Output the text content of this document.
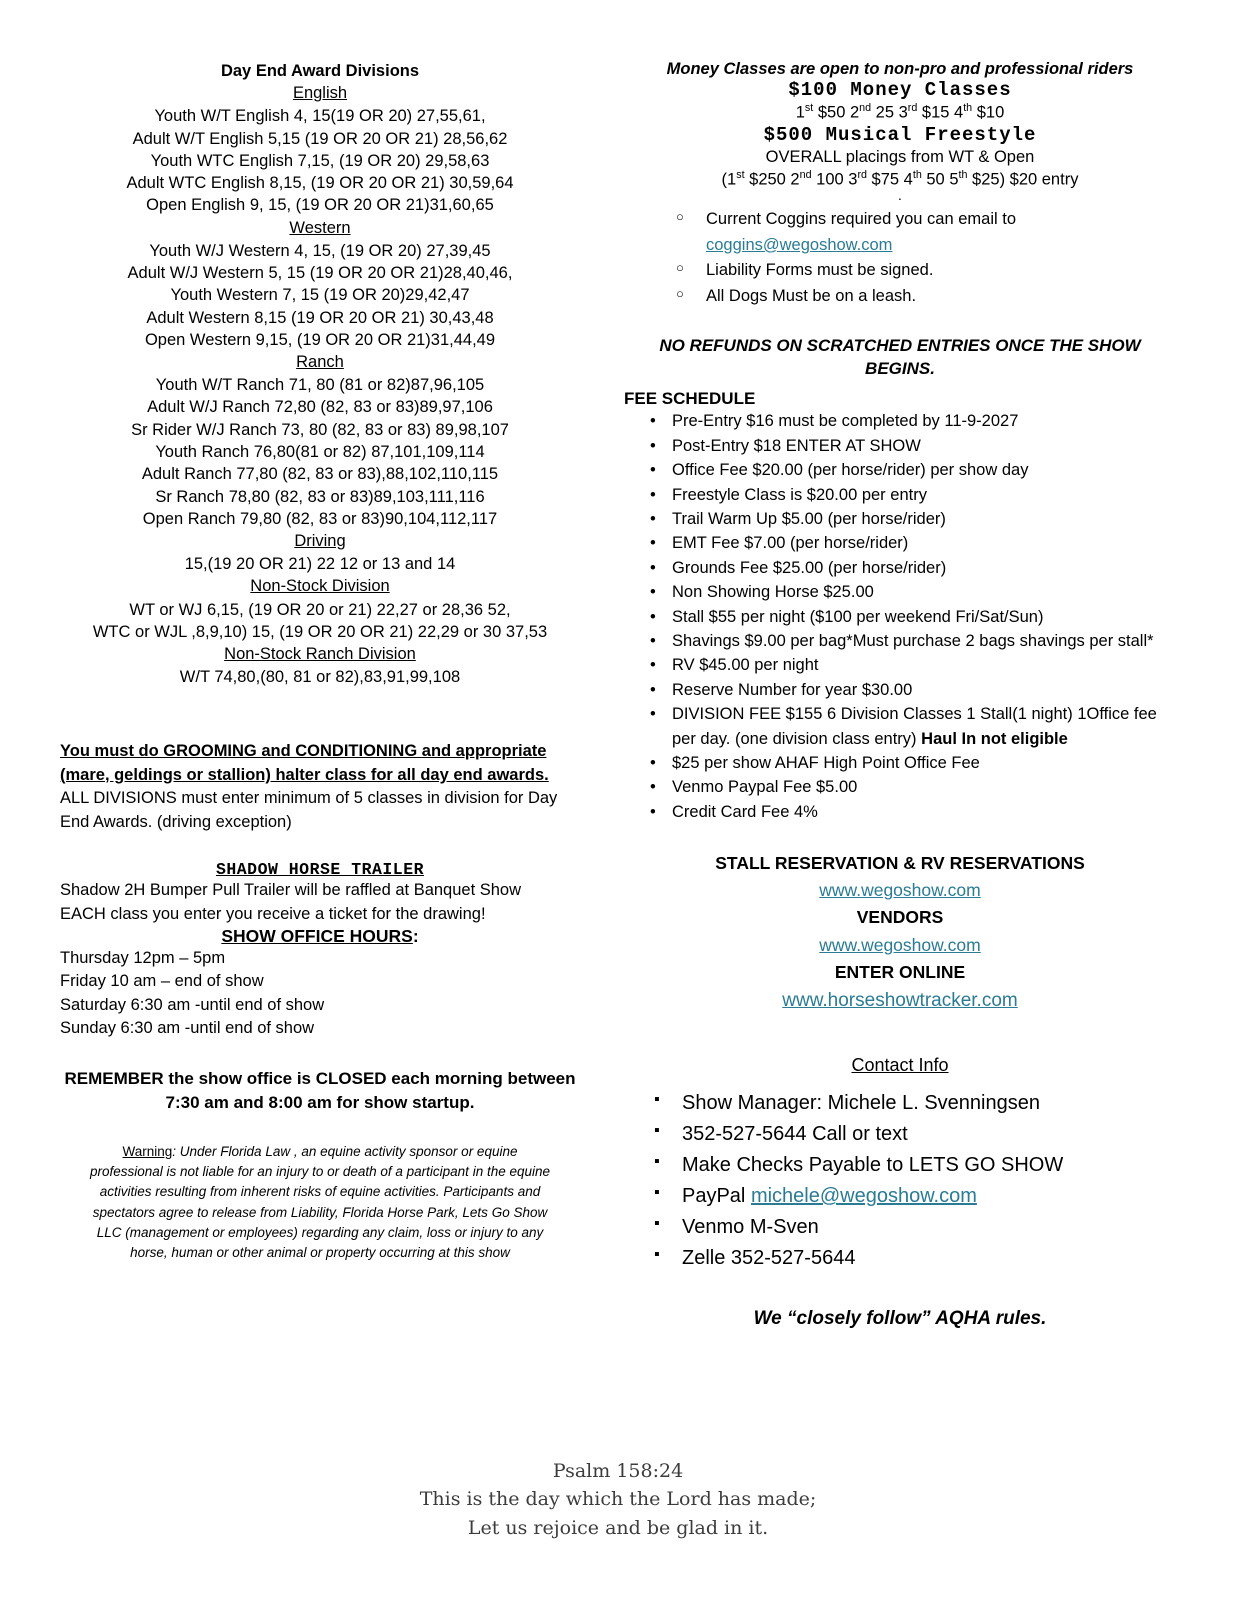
Day End Award Divisions
English
Youth W/T English 4, 15(19 OR 20) 27,55,61,
Adult W/T English 5,15 (19 OR 20 OR 21) 28,56,62
Youth WTC English 7,15, (19 OR 20) 29,58,63
Adult WTC English 8,15, (19 OR 20 OR 21) 30,59,64
Open English 9, 15, (19 OR 20 OR 21)31,60,65
Western
Youth W/J Western 4, 15, (19 OR 20) 27,39,45
Adult W/J Western 5, 15 (19 OR 20 OR 21)28,40,46,
Youth Western 7, 15 (19 OR 20)29,42,47
Adult Western 8,15 (19 OR 20 OR 21) 30,43,48
Open Western 9,15, (19 OR 20 OR 21)31,44,49
Ranch
Youth W/T Ranch 71, 80 (81 or 82)87,96,105
Adult W/J Ranch 72,80 (82, 83 or 83)89,97,106
Sr Rider W/J Ranch 73, 80 (82, 83 or 83) 89,98,107
Youth Ranch 76,80(81 or 82) 87,101,109,114
Adult Ranch 77,80 (82, 83 or 83),88,102,110,115
Sr Ranch 78,80 (82, 83 or 83)89,103,111,116
Open Ranch 79,80 (82, 83 or 83)90,104,112,117
Driving
15,(19 20 OR 21) 22 12 or 13 and 14
Non-Stock Division
WT or WJ 6,15, (19 OR 20 or 21) 22,27 or 28,36 52,
WTC or WJL ,8,9,10) 15, (19 OR 20 OR 21) 22,29 or 30 37,53
Non-Stock Ranch Division
W/T 74,80,(80, 81 or 82),83,91,99,108
You must do GROOMING and CONDITIONING and appropriate
(mare, geldings or stallion) halter class for all day end awards.
ALL DIVISIONS must enter minimum of 5 classes in division for Day End Awards. (driving exception)
SHADOW HORSE TRAILER
Shadow 2H Bumper Pull Trailer will be raffled at Banquet Show
EACH class you enter you receive a ticket for the drawing!
SHOW OFFICE HOURS:
Thursday 12pm – 5pm
Friday 10 am – end of show
Saturday 6:30 am -until end of show
Sunday 6:30 am -until end of show
REMEMBER the show office is CLOSED each morning between
7:30 am and 8:00 am for show startup.
Warning: Under Florida Law , an equine activity sponsor or equine professional is not liable for an injury to or death of a participant in the equine activities resulting from inherent risks of equine activities. Participants and spectators agree to release from Liability, Florida Horse Park, Lets Go Show LLC (management or employees) regarding any claim, loss or injury to any horse, human or other animal or property occurring at this show
Money Classes are open to non-pro and professional riders
$100 Money Classes
1st $50 2nd 25 3rd $15 4th $10
$500 Musical Freestyle
OVERALL placings from WT & Open
(1st $250 2nd 100 3rd $75 4th 50 5th $25) $20 entry
.
○ Current Coggins required you can email to
coggins@wegoshow.com
○ Liability Forms must be signed.
○ All Dogs Must be on a leash.
NO REFUNDS ON SCRATCHED ENTRIES ONCE THE SHOW
BEGINS.
FEE SCHEDULE
• Pre-Entry $16 must be completed by 11-9-2027
• Post-Entry $18 ENTER AT SHOW
• Office Fee $20.00 (per horse/rider) per show day
• Freestyle Class is $20.00 per entry
• Trail Warm Up $5.00 (per horse/rider)
• EMT Fee $7.00 (per horse/rider)
• Grounds Fee $25.00 (per horse/rider)
• Non Showing Horse $25.00
• Stall $55 per night ($100 per weekend Fri/Sat/Sun)
• Shavings $9.00 per bag*Must purchase 2 bags shavings per stall*
• RV $45.00 per night
• Reserve Number for year $30.00
• DIVISION FEE $155 6 Division Classes 1 Stall(1 night) 1Office fee per day. (one division class entry) Haul In not eligible
• $25 per show AHAF High Point Office Fee
• Venmo Paypal Fee $5.00
• Credit Card Fee 4%
STALL RESERVATION & RV RESERVATIONS
www.wegoshow.com
VENDORS
www.wegoshow.com
ENTER ONLINE
www.horseshowtracker.com
Contact Info
▪ Show Manager: Michele L. Svenningsen
▪ 352-527-5644 Call or text
▪ Make Checks Payable to LETS GO SHOW
▪ PayPal michele@wegoshow.com
▪ Venmo M-Sven
▪ Zelle 352-527-5644
We “closely follow” AQHA rules.
Psalm 158:24
This is the day which the Lord has made;
Let us rejoice and be glad in it.
